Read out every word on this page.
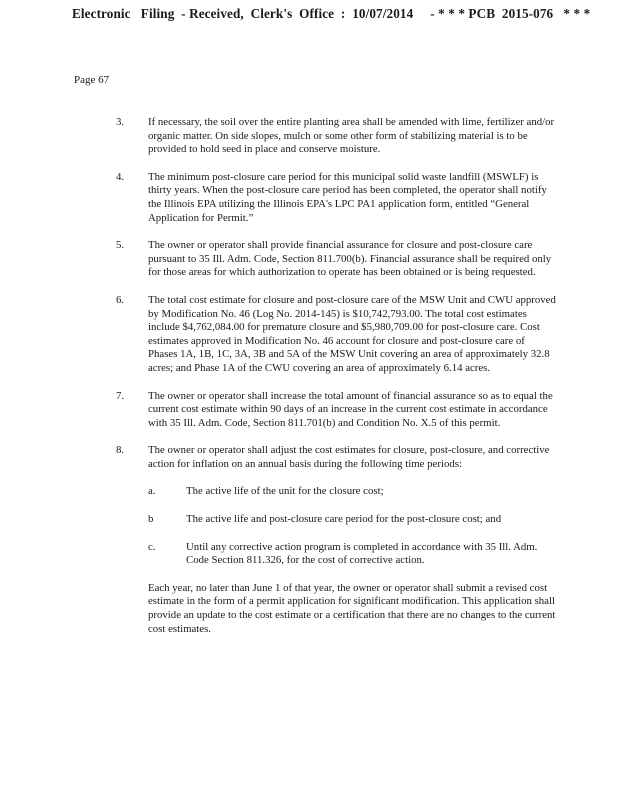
Electronic   Filing  - Received,  Clerk's  Office  :  10/07/2014     - * * * PCB  2015-076   * * *
Page 67
3. If necessary, the soil over the entire planting area shall be amended with lime, fertilizer and/or organic matter. On side slopes, mulch or some other form of stabilizing material is to be provided to hold seed in place and conserve moisture.
4. The minimum post-closure care period for this municipal solid waste landfill (MSWLF) is thirty years. When the post-closure care period has been completed, the operator shall notify the Illinois EPA utilizing the Illinois EPA's LPC PA1 application form, entitled “General Application for Permit.”
5. The owner or operator shall provide financial assurance for closure and post-closure care pursuant to 35 Ill. Adm. Code, Section 811.700(b). Financial assurance shall be required only for those areas for which authorization to operate has been obtained or is being requested.
6. The total cost estimate for closure and post-closure care of the MSW Unit and CWU approved by Modification No. 46 (Log No. 2014-145) is $10,742,793.00. The total cost estimates include $4,762,084.00 for premature closure and $5,980,709.00 for post-closure care. Cost estimates approved in Modification No. 46 account for closure and post-closure care of Phases 1A, 1B, 1C, 3A, 3B and 5A of the MSW Unit covering an area of approximately 32.8 acres; and Phase 1A of the CWU covering an area of approximately 6.14 acres.
7. The owner or operator shall increase the total amount of financial assurance so as to equal the current cost estimate within 90 days of an increase in the current cost estimate in accordance with 35 Ill. Adm. Code, Section 811.701(b) and Condition No. X.5 of this permit.
8. The owner or operator shall adjust the cost estimates for closure, post-closure, and corrective action for inflation on an annual basis during the following time periods:
a.	The active life of the unit for the closure cost;
b	The active life and post-closure care period for the post-closure cost; and
c.	Until any corrective action program is completed in accordance with 35 Ill. Adm. Code Section 811.326, for the cost of corrective action.
Each year, no later than June 1 of that year, the owner or operator shall submit a revised cost estimate in the form of a permit application for significant modification. This application shall provide an update to the cost estimate or a certification that there are no changes to the current cost estimates.
